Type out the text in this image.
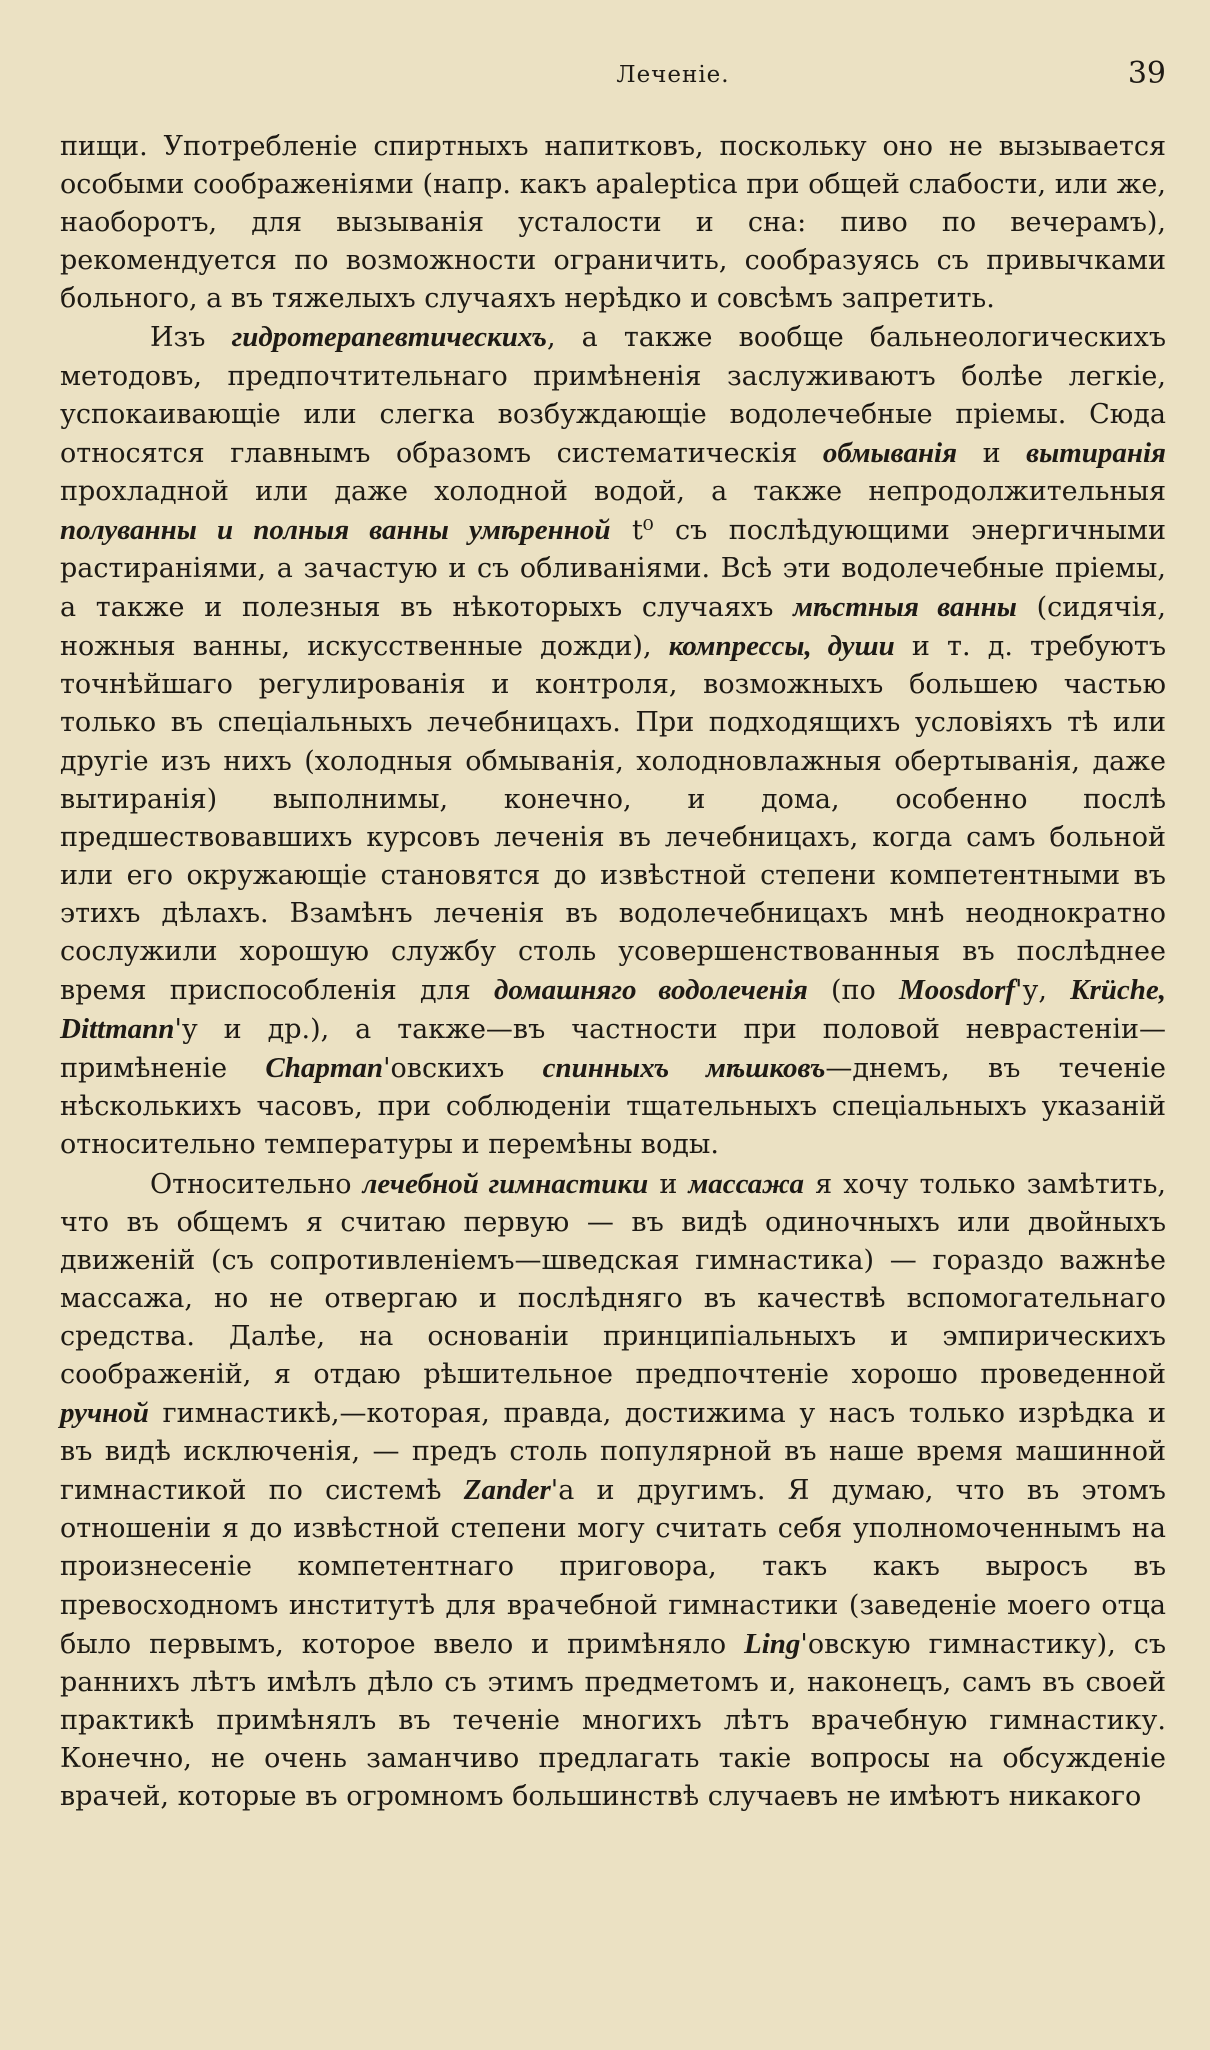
Леченіе.	39

пищи. Употребленіе спиртныхъ напитковъ, поскольку оно не вызывается особыми соображеніями (напр. какъ apaleptica при общей слабости, или же, наоборотъ, для вызыванія усталости и сна: пиво по вечерамъ), рекомендуется по возможности ограничить, сообразуясь съ привычками больного, а въ тяжелыхъ случаяхъ нерѣдко и совсѣмъ запретить.

Изъ гидротерапевтическихъ, а также вообще бальнеологическихъ методовъ, предпочтительнаго примѣненія заслуживаютъ болѣе легкіе, успокаивающіе или слегка возбуждающіе водолечебные пріемы. Сюда относятся главнымъ образомъ систематическія обмыванія и вытиранія прохладной или даже холодной водой, а также непродолжительныя полуванны и полныя ванны умѣренной t⁰ съ послѣдующими энергичными растираніями, а зачастую и съ обливаніями. Всѣ эти водолечебные пріемы, а также и полезныя въ нѣкоторыхъ случаяхъ мѣстныя ванны (сидячія, ножныя ванны, искусственные дожди), компрессы, души и т. д. требуютъ точнѣйшаго регулированія и контроля, возможныхъ большею частью только въ спеціальныхъ лечебницахъ. При подходящихъ условіяхъ тѣ или другіе изъ нихъ (холодныя обмыванія, холодновлажныя обертыванія, даже вытиранія) выполнимы, конечно, и дома, особенно послѣ предшествовавшихъ курсовъ леченія въ лечебницахъ, когда самъ больной или его окружающіе становятся до извѣстной степени компетентными въ этихъ дѣлахъ. Взамѣнъ леченія въ водолечебницахъ мнѣ неоднократно сослужили хорошую службу столь усовершенствованныя въ послѣднее время приспособленія для домашняго водолеченія (по Moosdorf'у, Krüche, Dittmann'у и др.), а также—въ частности при половой неврастеніи—примѣненіе Chapman'овскихъ спинныхъ мѣшковъ—днемъ, въ теченіе нѣсколькихъ часовъ, при соблюденіи тщательныхъ спеціальныхъ указаній относительно температуры и перемѣны воды.

Относительно лечебной гимнастики и массажа я хочу только замѣтить, что въ общемъ я считаю первую — въ видѣ одиночныхъ или двойныхъ движеній (съ сопротивленіемъ—шведская гимнастика) — гораздо важнѣе массажа, но не отвергаю и послѣдняго въ качествѣ вспомогательнаго средства. Далѣе, на основаніи принципіальныхъ и эмпирическихъ соображеній, я отдаю рѣшительное предпочтеніе хорошо проведенной ручной гимнастикѣ,—которая, правда, достижима у насъ только изрѣдка и въ видѣ исключенія, — предъ столь популярной въ наше время машинной гимнастикой по системѣ Zander'а и другимъ. Я думаю, что въ этомъ отношеніи я до извѣстной степени могу считать себя уполномоченнымъ на произнесеніе компетентнаго приговора, такъ какъ выросъ въ превосходномъ институтѣ для врачебной гимнастики (заведеніе моего отца было первымъ, которое ввело и примѣняло Ling'овскую гимнастику), съ раннихъ лѣтъ имѣлъ дѣло съ этимъ предметомъ и, наконецъ, самъ въ своей практикѣ примѣнялъ въ теченіе многихъ лѣтъ врачебную гимнастику. Конечно, не очень заманчиво предлагать такіе вопросы на обсужденіе врачей, которые въ огромномъ большинствѣ случаевъ не имѣютъ никакого
